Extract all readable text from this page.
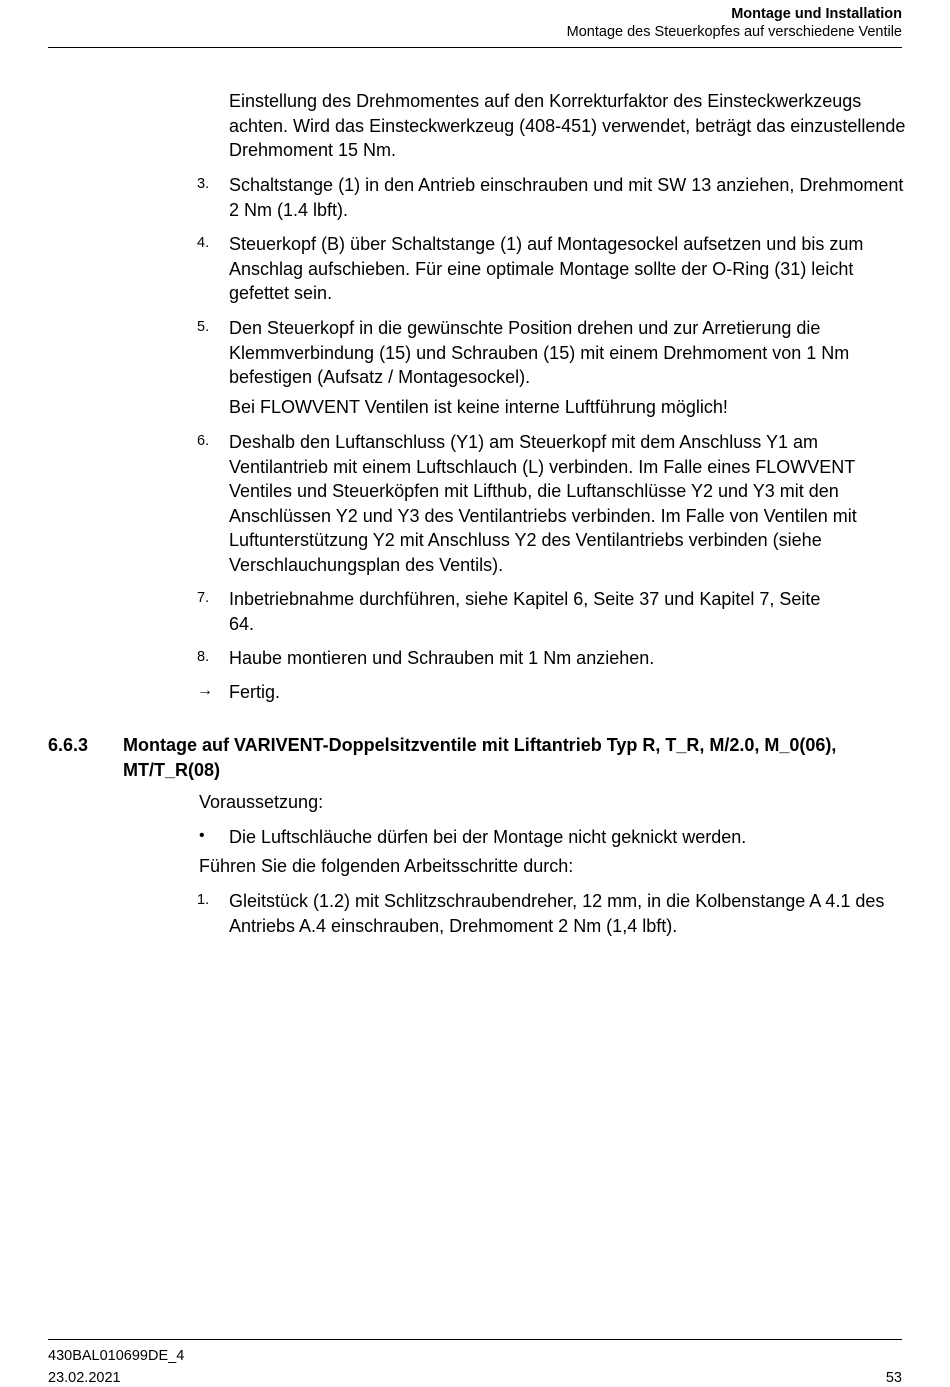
Montage und Installation
Montage des Steuerkopfes auf verschiedene Ventile
Einstellung des Drehmomentes auf den Korrekturfaktor des Einsteckwerkzeugs achten. Wird das Einsteckwerkzeug (408-451) verwendet, beträgt das einzustellende Drehmoment 15 Nm.
3. Schaltstange (1) in den Antrieb einschrauben und mit SW 13 anziehen, Drehmoment 2 Nm (1.4 lbft).
4. Steuerkopf (B) über Schaltstange (1) auf Montagesockel aufsetzen und bis zum Anschlag aufschieben. Für eine optimale Montage sollte der O-Ring (31) leicht gefettet sein.
5. Den Steuerkopf in die gewünschte Position drehen und zur Arretierung die Klemmverbindung (15) und Schrauben (15) mit einem Drehmoment von 1 Nm befestigen (Aufsatz / Montagesockel).
Bei FLOWVENT Ventilen ist keine interne Luftführung möglich!
6. Deshalb den Luftanschluss (Y1) am Steuerkopf mit dem Anschluss Y1 am Ventilantrieb mit einem Luftschlauch (L) verbinden. Im Falle eines FLOWVENT Ventiles und Steuerköpfen mit Lifthub, die Luftanschlüsse Y2 und Y3 mit den Anschlüssen Y2 und Y3 des Ventilantriebs verbinden. Im Falle von Ventilen mit Luftunterstützung Y2 mit Anschluss Y2 des Ventilantriebs verbinden (siehe Verschlauchungsplan des Ventils).
7. Inbetriebnahme durchführen, siehe Kapitel 6, Seite 37 und Kapitel 7, Seite 64.
8. Haube montieren und Schrauben mit 1 Nm anziehen.
→ Fertig.
6.6.3 Montage auf VARIVENT-Doppelsitzventile mit Liftantrieb Typ R, T_R, M/2.0, M_0(06), MT/T_R(08)
Voraussetzung:
• Die Luftschläuche dürfen bei der Montage nicht geknickt werden.
Führen Sie die folgenden Arbeitsschritte durch:
1. Gleitstück (1.2) mit Schlitzschraubendreher, 12 mm, in die Kolbenstange A 4.1 des Antriebs A.4 einschrauben, Drehmoment 2 Nm (1,4 lbft).
430BAL010699DE_4
23.02.2021	53
